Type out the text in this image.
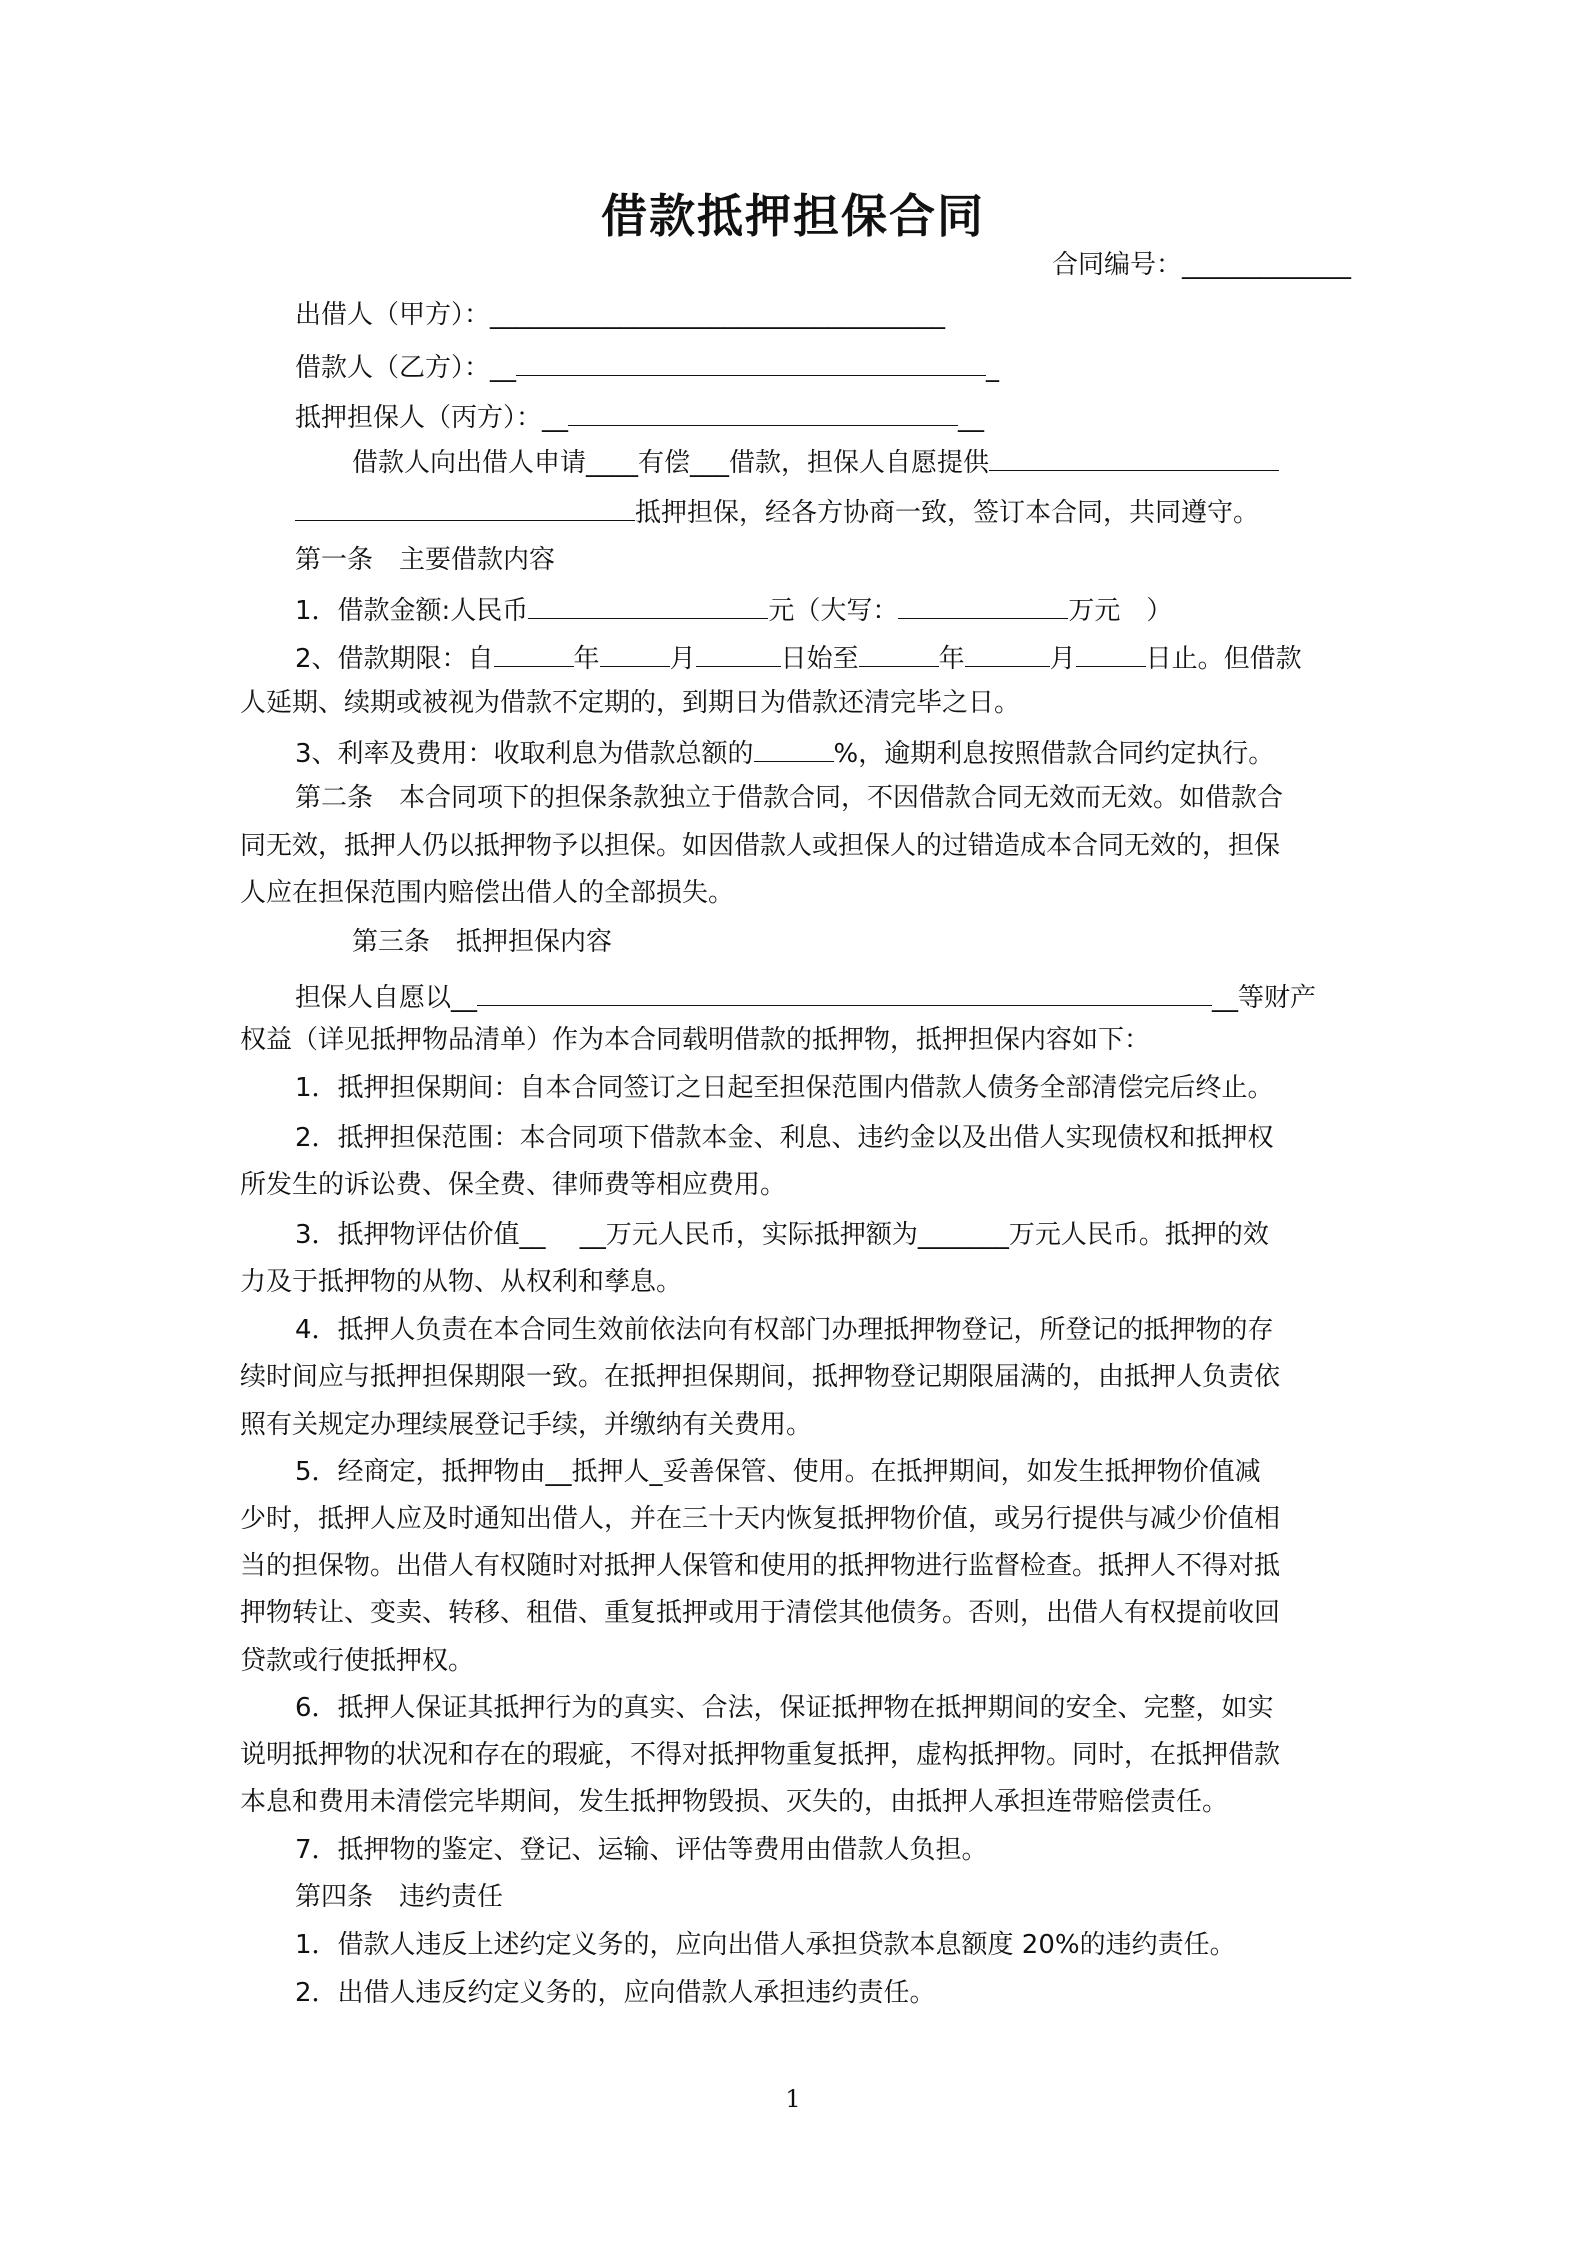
借款抵押担保合同
合同编号：_____________
出借人（甲方）：___________________________________
借款人（乙方）：__	_
抵押担保人（丙方）：__	__
借款人向出借人申请____有偿___借款，担保人自愿提供
抵押担保，经各方协商一致，签订本合同，共同遵守。
第一条　主要借款内容
1．借款金额:人民币	元（大写：	万元　）
2、借款期限：自	年	月	日始至	年	月	日止。但借款
人延期、续期或被视为借款不定期的，到期日为借款还清完毕之日。
3、利率及费用：收取利息为借款总额的	%，逾期利息按照借款合同约定执行。
第二条　本合同项下的担保条款独立于借款合同，不因借款合同无效而无效。如借款合
同无效，抵押人仍以抵押物予以担保。如因借款人或担保人的过错造成本合同无效的，担保
人应在担保范围内赔偿出借人的全部损失。
第三条　抵押担保内容
担保人自愿以__	__等财产
权益（详见抵押物品清单）作为本合同载明借款的抵押物，抵押担保内容如下：
1．抵押担保期间：自本合同签订之日起至担保范围内借款人债务全部清偿完后终止。
2．抵押担保范围：本合同项下借款本金、利息、违约金以及出借人实现债权和抵押权
所发生的诉讼费、保全费、律师费等相应费用。
3．抵押物评估价值__　 __万元人民币，实际抵押额为_______万元人民币。抵押的效
力及于抵押物的从物、从权利和孳息。
4．抵押人负责在本合同生效前依法向有权部门办理抵押物登记，所登记的抵押物的存
续时间应与抵押担保期限一致。在抵押担保期间，抵押物登记期限届满的，由抵押人负责依
照有关规定办理续展登记手续，并缴纳有关费用。
5．经商定，抵押物由__抵押人_妥善保管、使用。在抵押期间，如发生抵押物价值减
少时，抵押人应及时通知出借人，并在三十天内恢复抵押物价值，或另行提供与减少价值相
当的担保物。出借人有权随时对抵押人保管和使用的抵押物进行监督检查。抵押人不得对抵
押物转让、变卖、转移、租借、重复抵押或用于清偿其他债务。否则，出借人有权提前收回
贷款或行使抵押权。
6．抵押人保证其抵押行为的真实、合法，保证抵押物在抵押期间的安全、完整，如实
说明抵押物的状况和存在的瑕疵，不得对抵押物重复抵押，虚构抵押物。同时，在抵押借款
本息和费用未清偿完毕期间，发生抵押物毁损、灭失的，由抵押人承担连带赔偿责任。
7．抵押物的鉴定、登记、运输、评估等费用由借款人负担。
第四条　违约责任
1．借款人违反上述约定义务的，应向出借人承担贷款本息额度 20%的违约责任。
2．出借人违反约定义务的，应向借款人承担违约责任。
1
